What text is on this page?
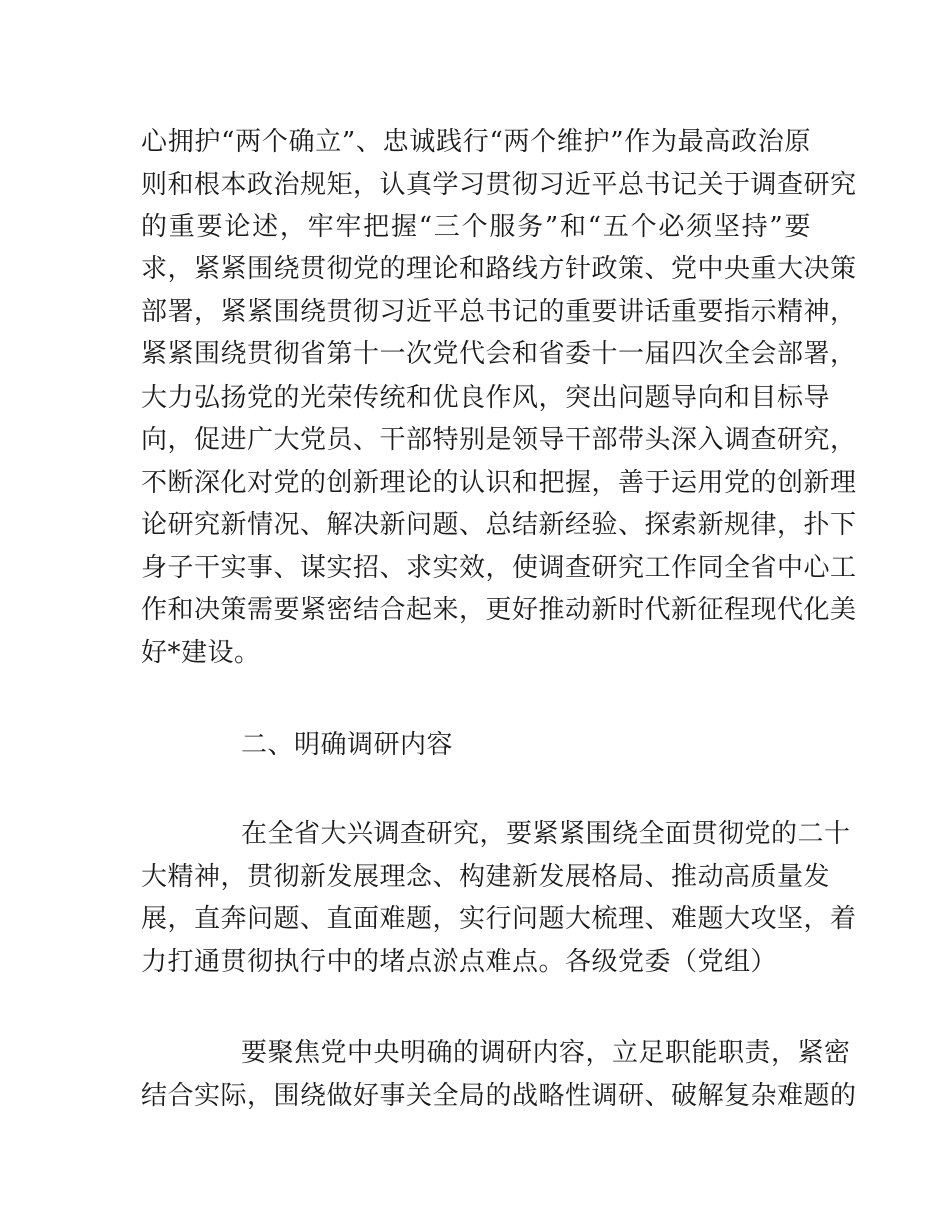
心拥护“两个确立”、忠诚践行“两个维护”作为最高政治原
则和根本政治规矩，认真学习贯彻习近平总书记关于调查研究
的重要论述，牢牢把握“三个服务”和“五个必须坚持”要
求，紧紧围绕贯彻党的理论和路线方针政策、党中央重大决策
部署，紧紧围绕贯彻习近平总书记的重要讲话重要指示精神，
紧紧围绕贯彻省第十一次党代会和省委十一届四次全会部署，
大力弘扬党的光荣传统和优良作风，突出问题导向和目标导
向，促进广大党员、干部特别是领导干部带头深入调查研究，
不断深化对党的创新理论的认识和把握，善于运用党的创新理
论研究新情况、解决新问题、总结新经验、探索新规律，扑下
身子干实事、谋实招、求实效，使调查研究工作同全省中心工
作和决策需要紧密结合起来，更好推动新时代新征程现代化美
好*建设。
二、明确调研内容
在全省大兴调查研究，要紧紧围绕全面贯彻党的二十
大精神，贯彻新发展理念、构建新发展格局、推动高质量发
展，直奔问题、直面难题，实行问题大梳理、难题大攻坚，着
力打通贯彻执行中的堵点淤点难点。各级党委（党组）
要聚焦党中央明确的调研内容，立足职能职责，紧密
结合实际，围绕做好事关全局的战略性调研、破解复杂难题的
